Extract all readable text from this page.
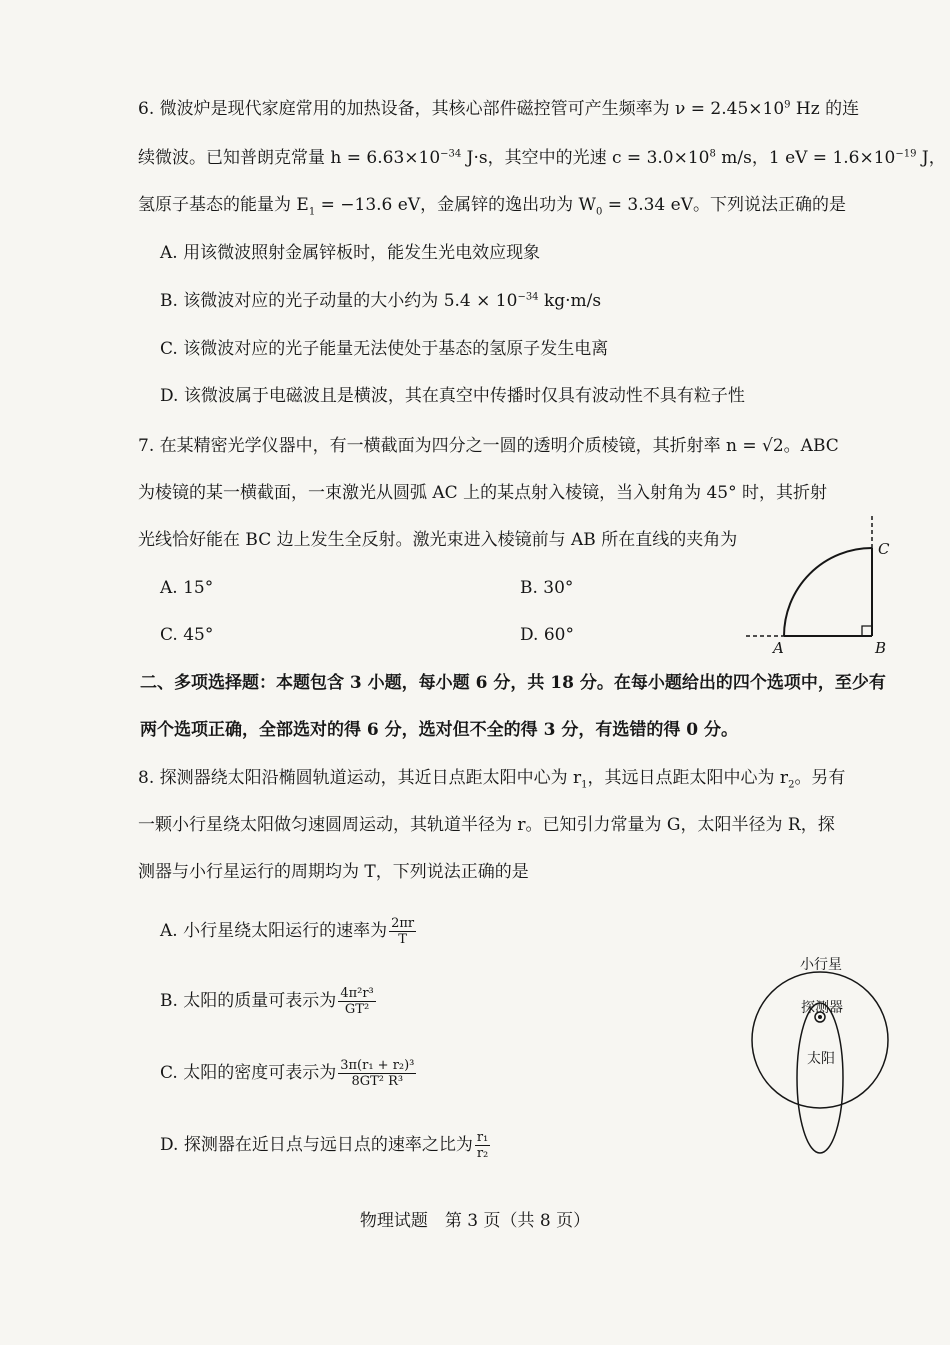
6. 微波炉是现代家庭常用的加热设备，其核心部件磁控管可产生频率为 $\nu = 2.45\times 10^9$ Hz 的连
续微波。已知普朗克常量 $h = 6.63\times 10^{-34}$ J·s，其空中的光速 $c = 3.0\times 10^8$ m/s，1 eV = $1.6\times 10^{-19}$ J，
氢原子基态的能量为 $E_1 = -13.6$ eV，金属锌的逸出功为 $W_0 = 3.34$ eV。下列说法正确的是
A. 用该微波照射金属锌板时，能发生光电效应现象
B. 该微波对应的光子动量的大小约为 $5.4 \times 10^{-34}$ kg·m/s
C. 该微波对应的光子能量无法使处于基态的氢原子发生电离
D. 该微波属于电磁波且是横波，其在真空中传播时仅具有波动性不具有粒子性
7. 在某精密光学仪器中，有一横截面为四分之一圆的透明介质棱镜，其折射率 n = √2。ABC
为棱镜的某一横截面，一束激光从圆弧 AC 上的某点射入棱镜，当入射角为 45° 时，其折射
光线恰好能在 BC 边上发生全反射。激光束进入棱镜前与 AB 所在直线的夹角为
A. 15°	B. 30°
C. 45°	D. 60°
A	B
C
二、多项选择题：本题包含 3 小题，每小题 6 分，共 18 分。在每小题给出的四个选项中，至少有
两个选项正确，全部选对的得 6 分，选对但不全的得 3 分，有选错的得 0 分。
8. 探测器绕太阳沿椭圆轨道运动，其近日点距太阳中心为 $r_1$，其远日点距太阳中心为 $r_2$。另有
一颗小行星绕太阳做匀速圆周运动，其轨道半径为 r。已知引力常量为 G，太阳半径为 R，探
测器与小行星运行的周期均为 T，下列说法正确的是
A. 小行星绕太阳运行的速率为 $\frac{2\pi r}{T}$
B. 太阳的质量可表示为 $\frac{\text{4π²r³}}{\text{GT²}}$
C. 太阳的密度可表示为 $\frac{\text{3π(r₁ + r₂)³}}{\text{8GT² R³}}$
D. 探测器在近日点与远日点的速率之比为 $\frac{\text{r₁}}{\text{r₂}}$
小行星
探测器
太阳
物理试题　第 3 页（共 8 页）
